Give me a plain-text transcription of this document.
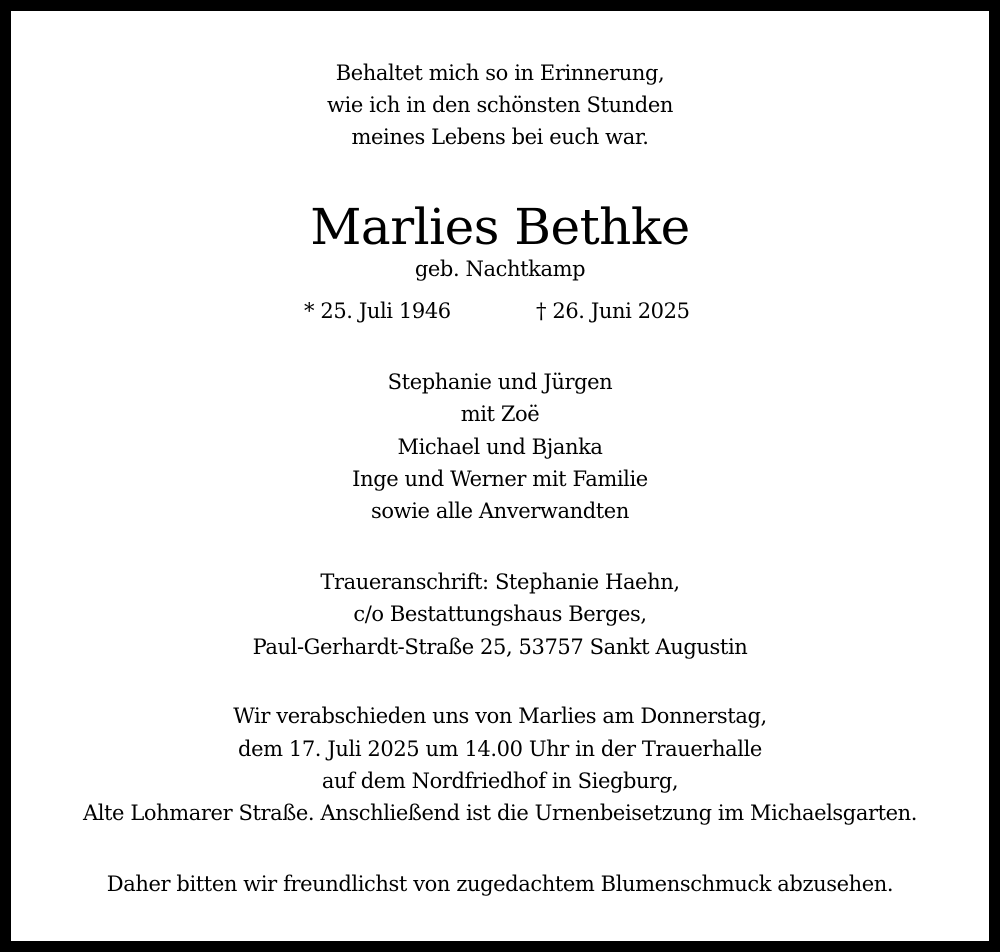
Behaltet mich so in Erinnerung,
wie ich in den schönsten Stunden
meines Lebens bei euch war.
Marlies Bethke
geb. Nachtkamp
* 25. Juli 1946	† 26. Juni 2025
Stephanie und Jürgen
mit Zoë
Michael und Bjanka
Inge und Werner mit Familie
sowie alle Anverwandten
Traueranschrift: Stephanie Haehn,
c/o Bestattungshaus Berges,
Paul-Gerhardt-Straße 25, 53757 Sankt Augustin
Wir verabschieden uns von Marlies am Donnerstag,
dem 17. Juli 2025 um 14.00 Uhr in der Trauerhalle
auf dem Nordfriedhof in Siegburg,
Alte Lohmarer Straße. Anschließend ist die Urnenbeisetzung im Michaelsgarten.
Daher bitten wir freundlichst von zugedachtem Blumenschmuck abzusehen.
